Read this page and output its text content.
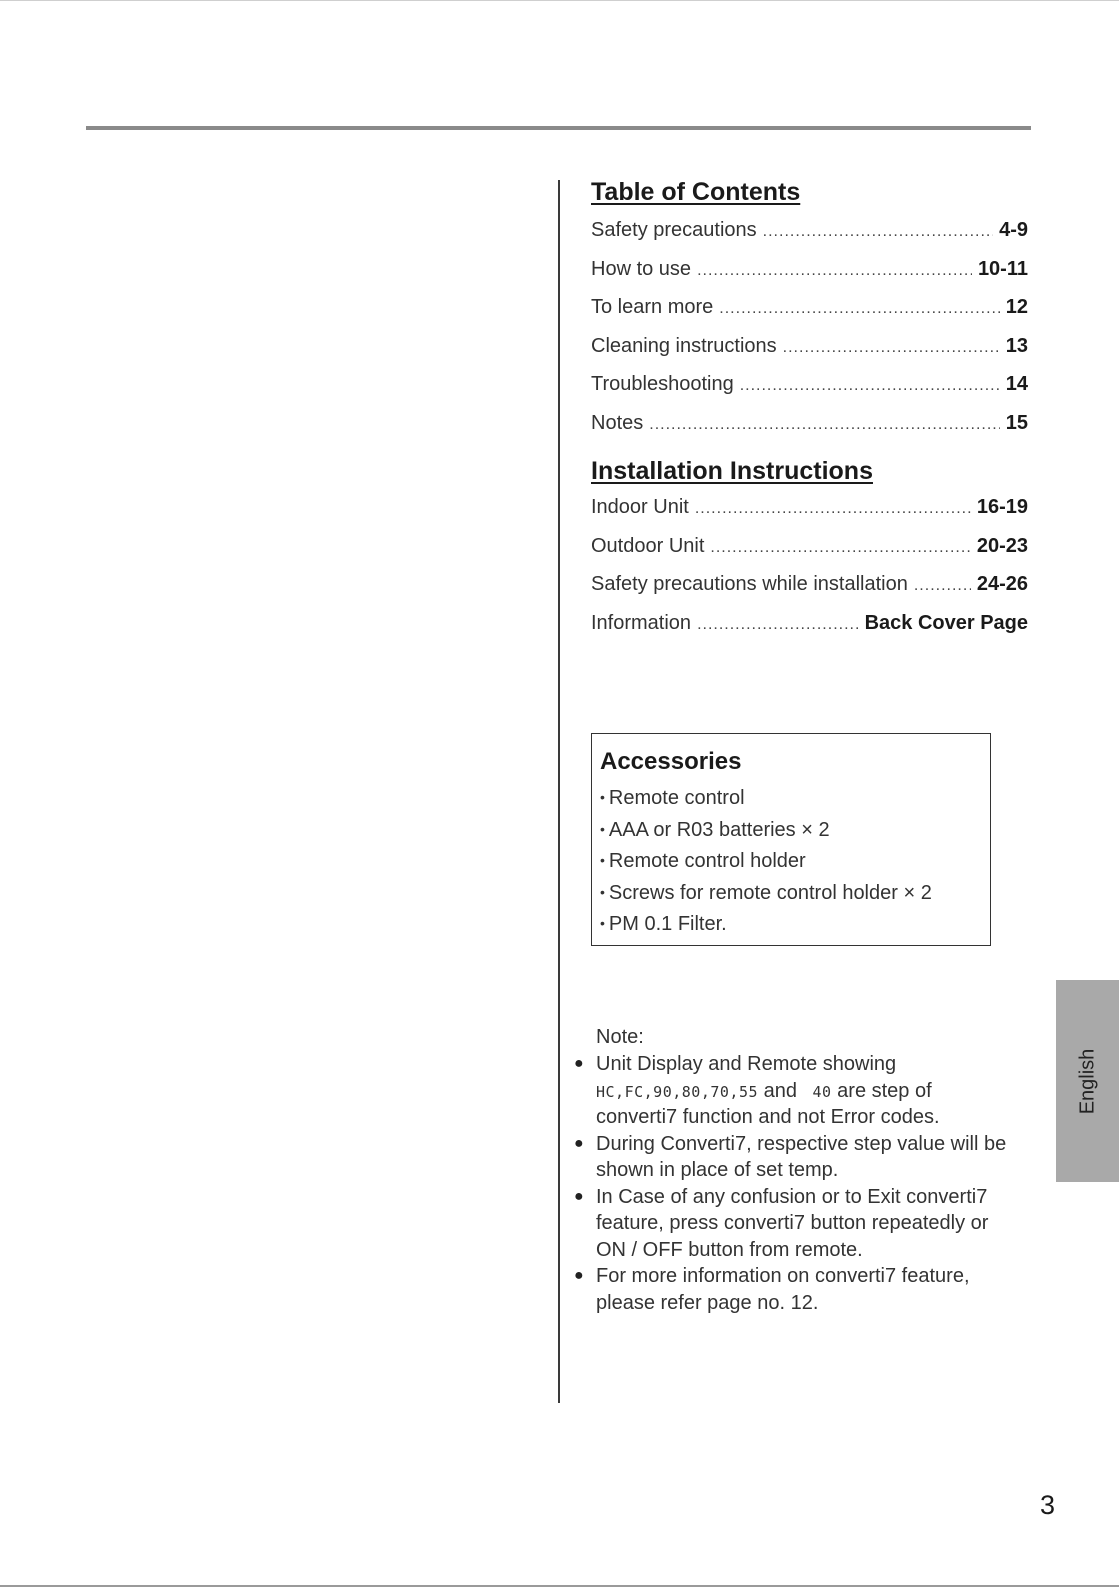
Table of Contents
Safety precautions .....	4-9
How to use .....	10-11
To learn more .....	12
Cleaning instructions .....	13
Troubleshooting .....	14
Notes .....	15
Installation Instructions
Indoor Unit .....	16-19
Outdoor Unit .....	20-23
Safety precautions while installation .....	24-26
Information .....	Back Cover Page
Accessories
• Remote control
• AAA or R03 batteries × 2
• Remote control holder
• Screws for remote control holder × 2
• PM 0.1 Filter.
Note:
● Unit Display and Remote showing
HC,FC,90,80,70,55 and 40 are step of
converti7 function and not Error codes.
● During Converti7, respective step value will be
shown in place of set temp.
● In Case of any confusion or to Exit converti7
feature, press converti7 button repeatedly or
ON / OFF button from remote.
● For more information on converti7 feature,
please refer page no. 12.
English
3
